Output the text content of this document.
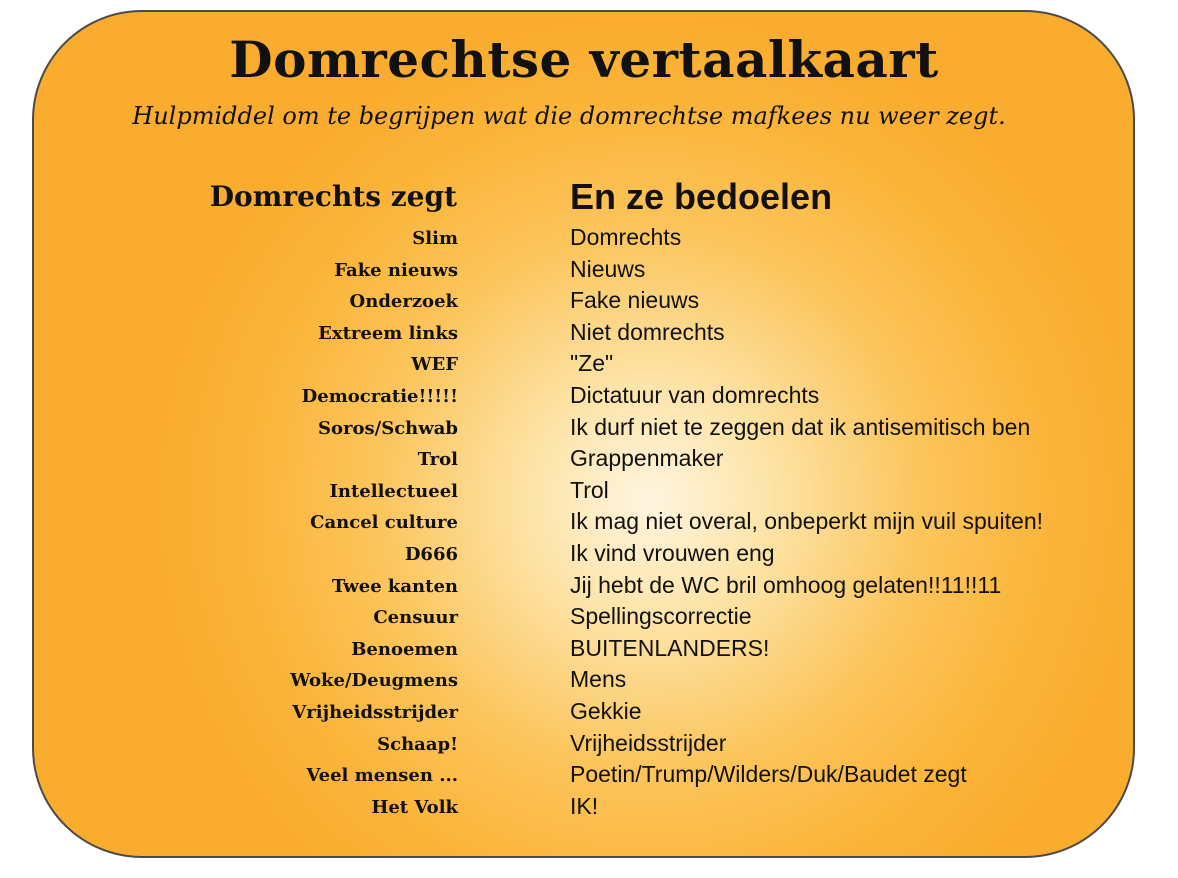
Domrechtse vertaalkaart

Hulpmiddel om te begrijpen wat die domrechtse mafkees nu weer zegt.

Domrechts zegt	En ze bedoelen
Slim	Domrechts
Fake nieuws	Nieuws
Onderzoek	Fake nieuws
Extreem links	Niet domrechts
WEF	"Ze"
Democratie!!!!!	Dictatuur van domrechts
Soros/Schwab	Ik durf niet te zeggen dat ik antisemitisch ben
Trol	Grappenmaker
Intellectueel	Trol
Cancel culture	Ik mag niet overal, onbeperkt mijn vuil spuiten!
D666	Ik vind vrouwen eng
Twee kanten	Jij hebt de WC bril omhoog gelaten!!11!!11
Censuur	Spellingscorrectie
Benoemen	BUITENLANDERS!
Woke/Deugmens	Mens
Vrijheidsstrijder	Gekkie
Schaap!	Vrijheidsstrijder
Veel mensen ...	Poetin/Trump/Wilders/Duk/Baudet zegt
Het Volk	IK!
